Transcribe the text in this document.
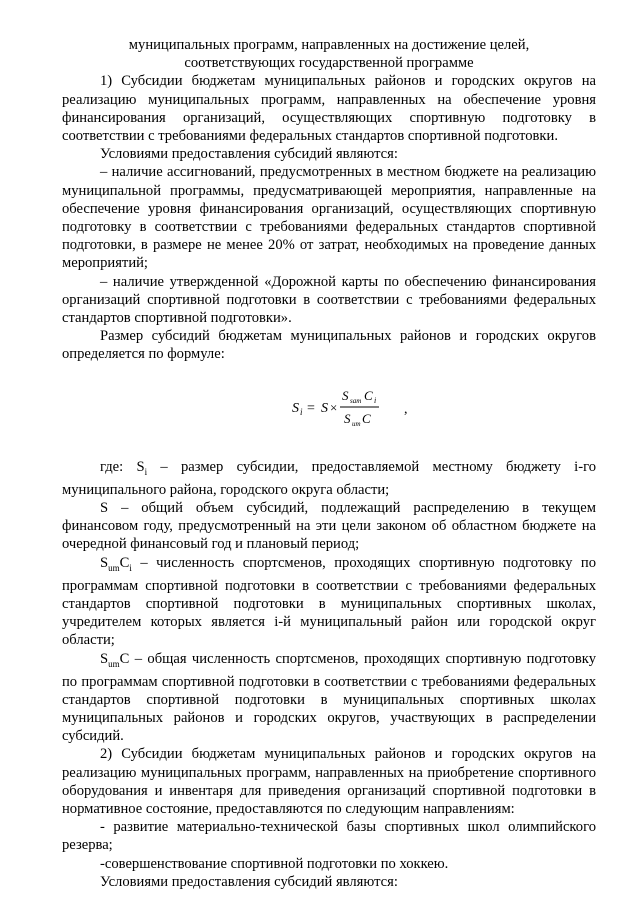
муниципальных программ, направленных на достижение целей,
соответствующих государственной программе

1) Субсидии бюджетам муниципальных районов и городских округов на реализацию муниципальных программ, направленных на обеспечение уровня финансирования организаций, осуществляющих спортивную подготовку в соответствии с требованиями федеральных стандартов спортивной подготовки.

Условиями предоставления субсидий являются:

– наличие ассигнований, предусмотренных в местном бюджете на реализацию муниципальной программы, предусматривающей мероприятия, направленные на обеспечение уровня финансирования организаций, осуществляющих спортивную подготовку в соответствии с требованиями федеральных стандартов спортивной подготовки, в размере не менее 20% от затрат, необходимых на проведение данных мероприятий;

– наличие утвержденной «Дорожной карты по обеспечению финансирования организаций спортивной подготовки в соответствии с требованиями федеральных стандартов спортивной подготовки».

Размер субсидий бюджетам муниципальных районов и городских округов определяется по формуле:

S i = S ×
S sam C i
S um C
,

где: $S_i$ – размер субсидии, предоставляемой местному бюджету i-го муниципального района, городского округа области;

S – общий объем субсидий, подлежащий распределению в текущем финансовом году, предусмотренный на эти цели законом об областном бюджете на очередной финансовый год и плановый период;

$S_{um}C_i$ – численность спортсменов, проходящих спортивную подготовку по программам спортивной подготовки в соответствии с требованиями федеральных стандартов спортивной подготовки в муниципальных спортивных школах, учредителем которых является i-й муниципальный район или городской округ области;

$S_{um}C$ – общая численность спортсменов, проходящих спортивную подготовку по программам спортивной подготовки в соответствии с требованиями федеральных стандартов спортивной подготовки в муниципальных спортивных школах муниципальных районов и городских округов, участвующих в распределении субсидий.

2) Субсидии бюджетам муниципальных районов и городских округов на реализацию муниципальных программ, направленных на приобретение спортивного оборудования и инвентаря для приведения организаций спортивной подготовки в нормативное состояние, предоставляются по следующим направлениям:

- развитие материально-технической базы спортивных школ олимпийского резерва;

-совершенствование спортивной подготовки по хоккею.

Условиями предоставления субсидий являются:
